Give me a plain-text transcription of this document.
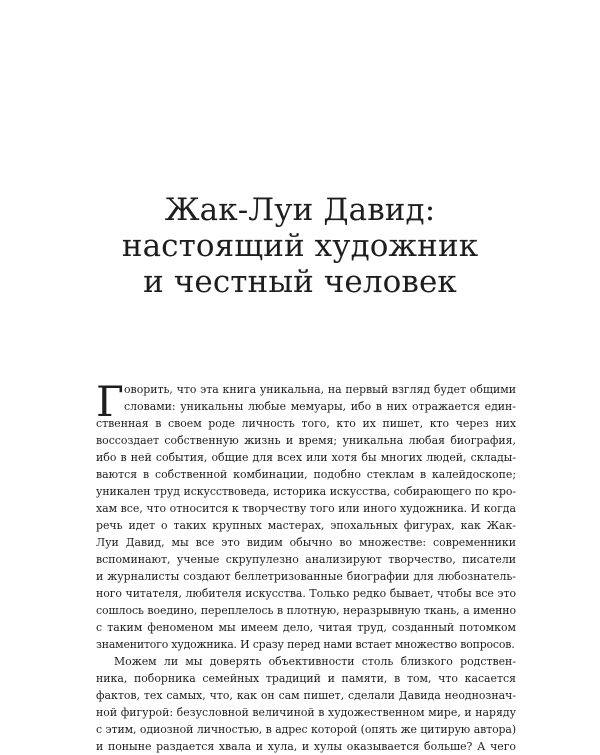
Жак-Луи Давид:
настоящий художник
и честный человек
Г оворить, что эта книга уникальна, на первый взгляд будет общими
словами: уникальны любые мемуары, ибо в них отражается един-
ственная в своем роде личность того, кто их пишет, кто через них
воссоздает собственную жизнь и время; уникальна любая биография,
ибо в ней события, общие для всех или хотя бы многих людей, склады-
ваются в собственной комбинации, подобно стеклам в калейдоскопе;
уникален труд искусствоведа, историка искусства, собирающего по кро-
хам все, что относится к творчеству того или иного художника. И когда
речь идет о таких крупных мастерах, эпохальных фигурах, как Жак-
Луи Давид, мы все это видим обычно во множестве: современники
вспоминают, ученые скрупулезно анализируют творчество, писатели
и журналисты создают беллетризованные биографии для любознатель-
ного читателя, любителя искусства. Только редко бывает, чтобы все это
сошлось воедино, переплелось в плотную, неразрывную ткань, а именно
с таким феноменом мы имеем дело, читая труд, созданный потомком
знаменитого художника. И сразу перед нами встает множество вопросов.
Можем ли мы доверять объективности столь близкого родствен-
ника, поборника семейных традиций и памяти, в том, что касается
фактов, тех самых, что, как он сам пишет, сделали Давида неоднознач-
ной фигурой: безусловной величиной в художественном мире, и наряду
с этим, одиозной личностью, в адрес которой (опять же цитирую автора)
и поныне раздается хвала и хула, и хулы оказывается больше? А чего
